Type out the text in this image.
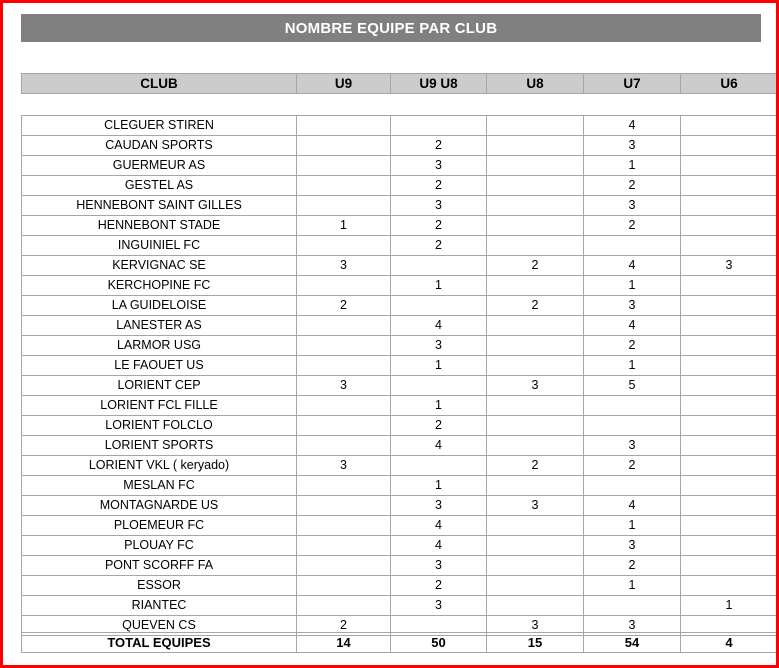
NOMBRE EQUIPE PAR CLUB
CLUB	U9	U9 U8	U8	U7	U6
CLEGUER STIREN				4	
CAUDAN SPORTS		2		3	
GUERMEUR AS		3		1	
GESTEL AS		2		2	
HENNEBONT SAINT GILLES		3		3	
HENNEBONT STADE	1	2		2	
INGUINIEL FC		2			
KERVIGNAC SE	3		2	4	3
KERCHOPINE FC		1		1	
LA GUIDELOISE	2		2	3	
LANESTER AS		4		4	
LARMOR USG		3		2	
LE FAOUET US		1		1	
LORIENT CEP	3		3	5	
LORIENT FCL FILLE		1			
LORIENT FOLCLO		2			
LORIENT SPORTS		4		3	
LORIENT VKL ( keryado)	3		2	2	
MESLAN FC		1			
MONTAGNARDE US		3	3	4	
PLOEMEUR FC		4		1	
PLOUAY FC		4		3	
PONT SCORFF FA		3		2	
ESSOR		2		1	
RIANTEC		3			1
QUEVEN CS	2		3	3	
TOTAL EQUIPES	14	50	15	54	4
